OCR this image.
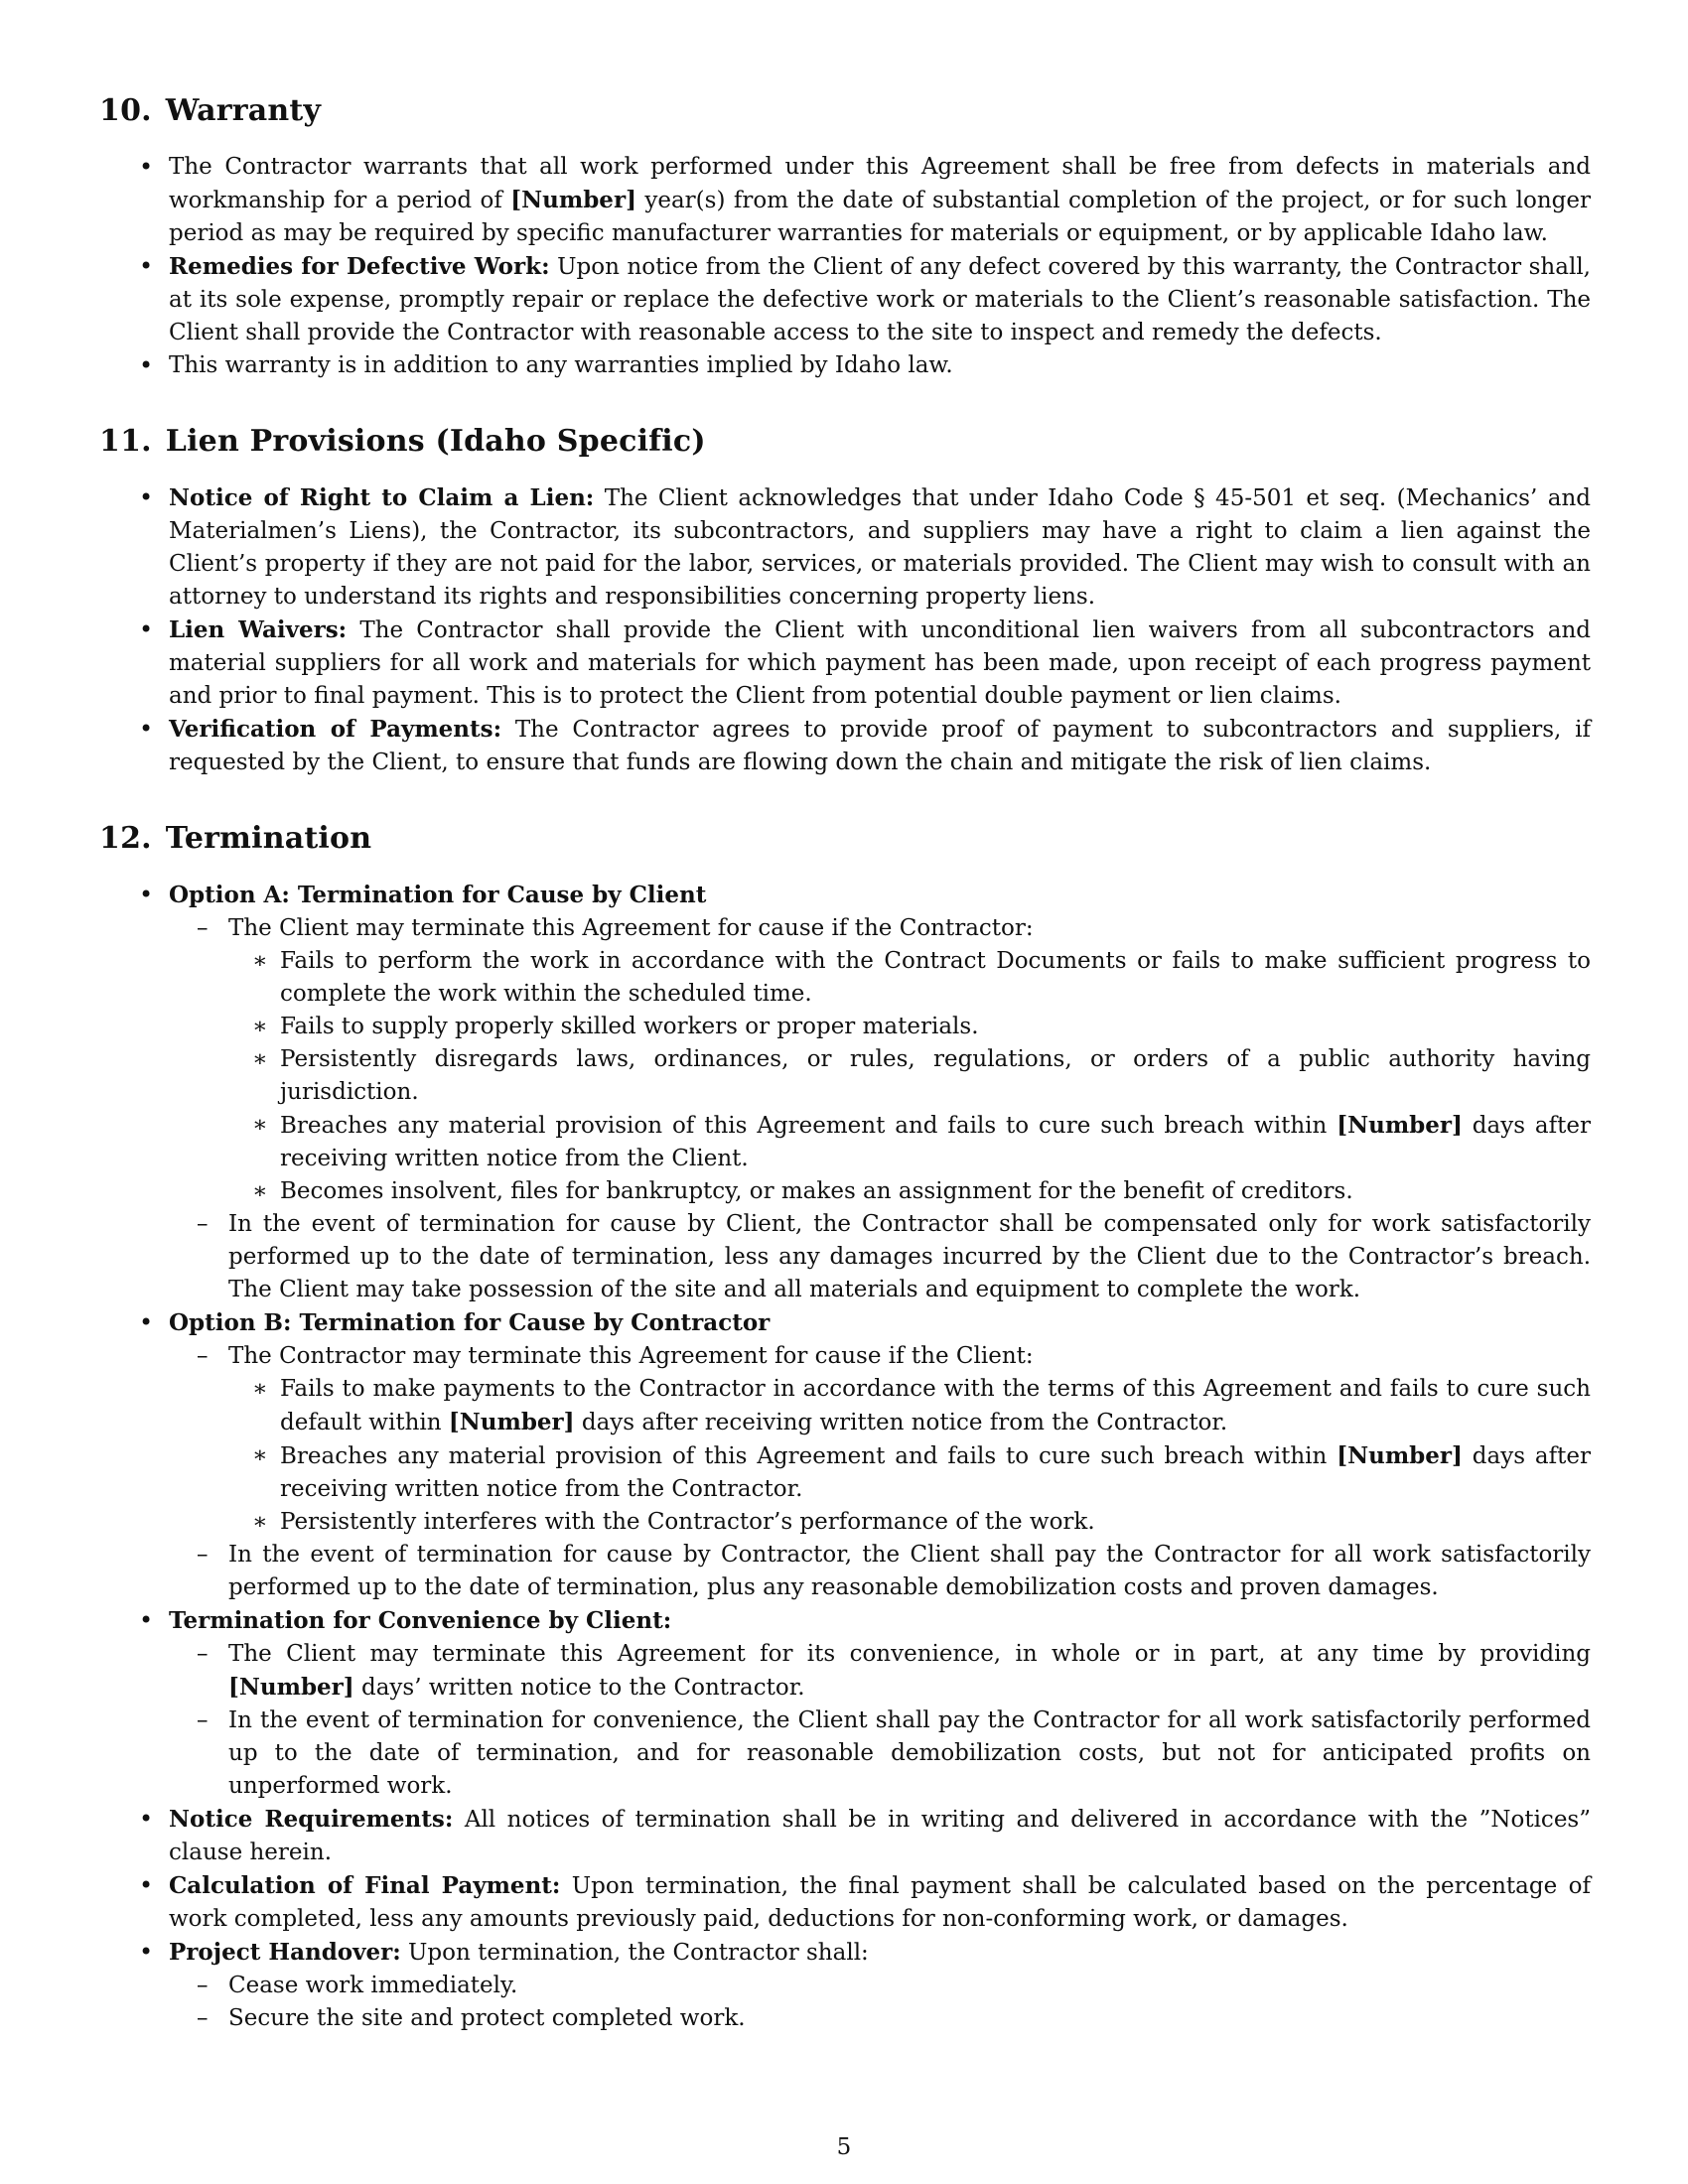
10. Warranty
• The Contractor warrants that all work performed under this Agreement shall be free from defects in materials and workmanship for a period of [Number] year(s) from the date of substantial completion of the project, or for such longer period as may be required by specific manufacturer warranties for materials or equipment, or by applicable Idaho law.
• Remedies for Defective Work: Upon notice from the Client of any defect covered by this warranty, the Contractor shall, at its sole expense, promptly repair or replace the defective work or materials to the Client’s reasonable satisfaction. The Client shall provide the Contractor with reasonable access to the site to inspect and remedy the defects.
• This warranty is in addition to any warranties implied by Idaho law.
11. Lien Provisions (Idaho Specific)
• Notice of Right to Claim a Lien: The Client acknowledges that under Idaho Code § 45-501 et seq. (Mechanics’ and Materialmen’s Liens), the Contractor, its subcontractors, and suppliers may have a right to claim a lien against the Client’s property if they are not paid for the labor, services, or materials provided. The Client may wish to consult with an attorney to understand its rights and responsibilities concerning property liens.
• Lien Waivers: The Contractor shall provide the Client with unconditional lien waivers from all subcontractors and material suppliers for all work and materials for which payment has been made, upon receipt of each progress payment and prior to final payment. This is to protect the Client from potential double payment or lien claims.
• Verification of Payments: The Contractor agrees to provide proof of payment to subcontractors and suppliers, if requested by the Client, to ensure that funds are flowing down the chain and mitigate the risk of lien claims.
12. Termination
• Option A: Termination for Cause by Client
– The Client may terminate this Agreement for cause if the Contractor:
∗ Fails to perform the work in accordance with the Contract Documents or fails to make sufficient progress to complete the work within the scheduled time.
∗ Fails to supply properly skilled workers or proper materials.
∗ Persistently disregards laws, ordinances, or rules, regulations, or orders of a public authority having jurisdiction.
∗ Breaches any material provision of this Agreement and fails to cure such breach within [Number] days after receiving written notice from the Client.
∗ Becomes insolvent, files for bankruptcy, or makes an assignment for the benefit of creditors.
– In the event of termination for cause by Client, the Contractor shall be compensated only for work satisfactorily performed up to the date of termination, less any damages incurred by the Client due to the Contractor’s breach. The Client may take possession of the site and all materials and equipment to complete the work.
• Option B: Termination for Cause by Contractor
– The Contractor may terminate this Agreement for cause if the Client:
∗ Fails to make payments to the Contractor in accordance with the terms of this Agreement and fails to cure such default within [Number] days after receiving written notice from the Contractor.
∗ Breaches any material provision of this Agreement and fails to cure such breach within [Number] days after receiving written notice from the Contractor.
∗ Persistently interferes with the Contractor’s performance of the work.
– In the event of termination for cause by Contractor, the Client shall pay the Contractor for all work satisfactorily performed up to the date of termination, plus any reasonable demobilization costs and proven damages.
• Termination for Convenience by Client:
– The Client may terminate this Agreement for its convenience, in whole or in part, at any time by providing [Number] days’ written notice to the Contractor.
– In the event of termination for convenience, the Client shall pay the Contractor for all work satisfactorily performed up to the date of termination, and for reasonable demobilization costs, but not for anticipated profits on unperformed work.
• Notice Requirements: All notices of termination shall be in writing and delivered in accordance with the ”Notices” clause herein.
• Calculation of Final Payment: Upon termination, the final payment shall be calculated based on the percentage of work completed, less any amounts previously paid, deductions for non-conforming work, or damages.
• Project Handover: Upon termination, the Contractor shall:
– Cease work immediately.
– Secure the site and protect completed work.
5
